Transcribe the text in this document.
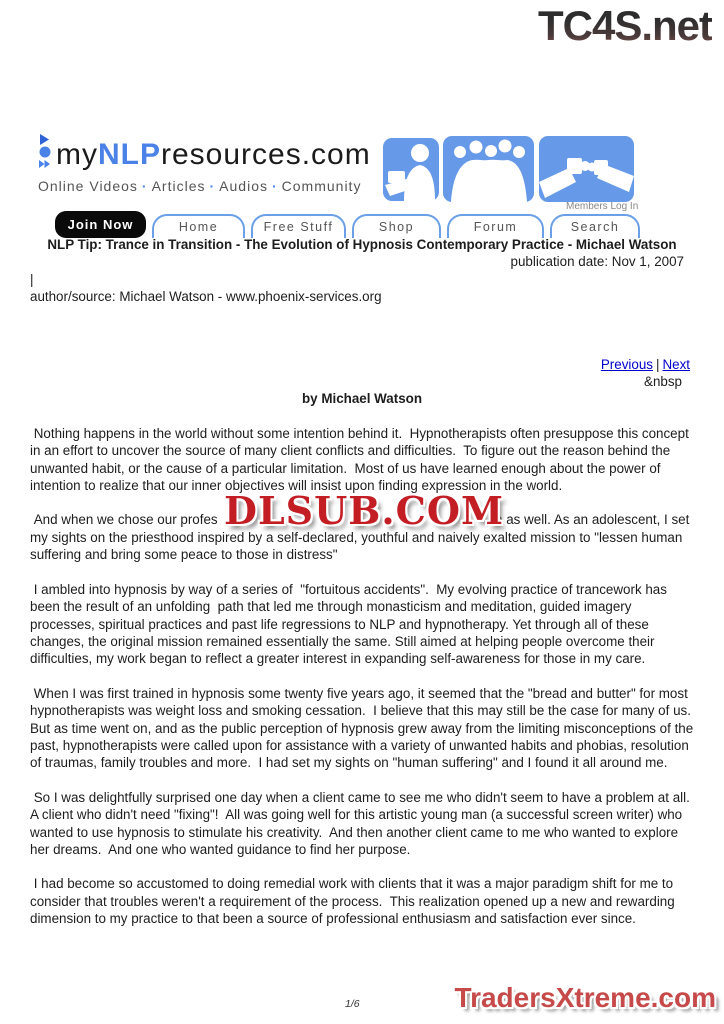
TC4S.net
myNLPresources.com
Online Videos · Articles · Audios · Community
Members Log In
Join Now	Home	Free Stuff	Shop	Forum	Search
NLP Tip: Trance in Transition - The Evolution of Hypnosis Contemporary Practice - Michael Watson
publication date: Nov 1, 2007
|
author/source: Michael Watson - www.phoenix-services.org
Previous | Next
&nbsp
by Michael Watson

Nothing happens in the world without some intention behind it.  Hypnotherapists often presuppose this concept in an effort to uncover the source of many client conflicts and difficulties.  To figure out the reason behind the unwanted habit, or the cause of a particular limitation.  Most of us have learned enough about the power of intention to realize that our inner objectives will insist upon finding expression in the world.

And when we chose our profes	on as well. As an adolescent, I set my sights on the priesthood inspired by a self-declared, youthful and naively exalted mission to "lessen human suffering and bring some peace to those in distress"

I ambled into hypnosis by way of a series of  "fortuitous accidents".  My evolving practice of trancework has been the result of an unfolding  path that led me through monasticism and meditation, guided imagery processes, spiritual practices and past life regressions to NLP and hypnotherapy. Yet through all of these changes, the original mission remained essentially the same. Still aimed at helping people overcome their difficulties, my work began to reflect a greater interest in expanding self-awareness for those in my care.

When I was first trained in hypnosis some twenty five years ago, it seemed that the "bread and butter" for most hypnotherapists was weight loss and smoking cessation.  I believe that this may still be the case for many of us.  But as time went on, and as the public perception of hypnosis grew away from the limiting misconceptions of the past, hypnotherapists were called upon for assistance with a variety of unwanted habits and phobias, resolution of traumas, family troubles and more.  I had set my sights on "human suffering" and I found it all around me.

So I was delightfully surprised one day when a client came to see me who didn't seem to have a problem at all.  A client who didn't need "fixing"!  All was going well for this artistic young man (a successful screen writer) who wanted to use hypnosis to stimulate his creativity.  And then another client came to me who wanted to explore her dreams.  And one who wanted guidance to find her purpose.

I had become so accustomed to doing remedial work with clients that it was a major paradigm shift for me to consider that troubles weren't a requirement of the process.  This realization opened up a new and rewarding dimension to my practice to that been a source of professional enthusiasm and satisfaction ever since.

DLSUB.COM
1/6	TradersXtreme.com
